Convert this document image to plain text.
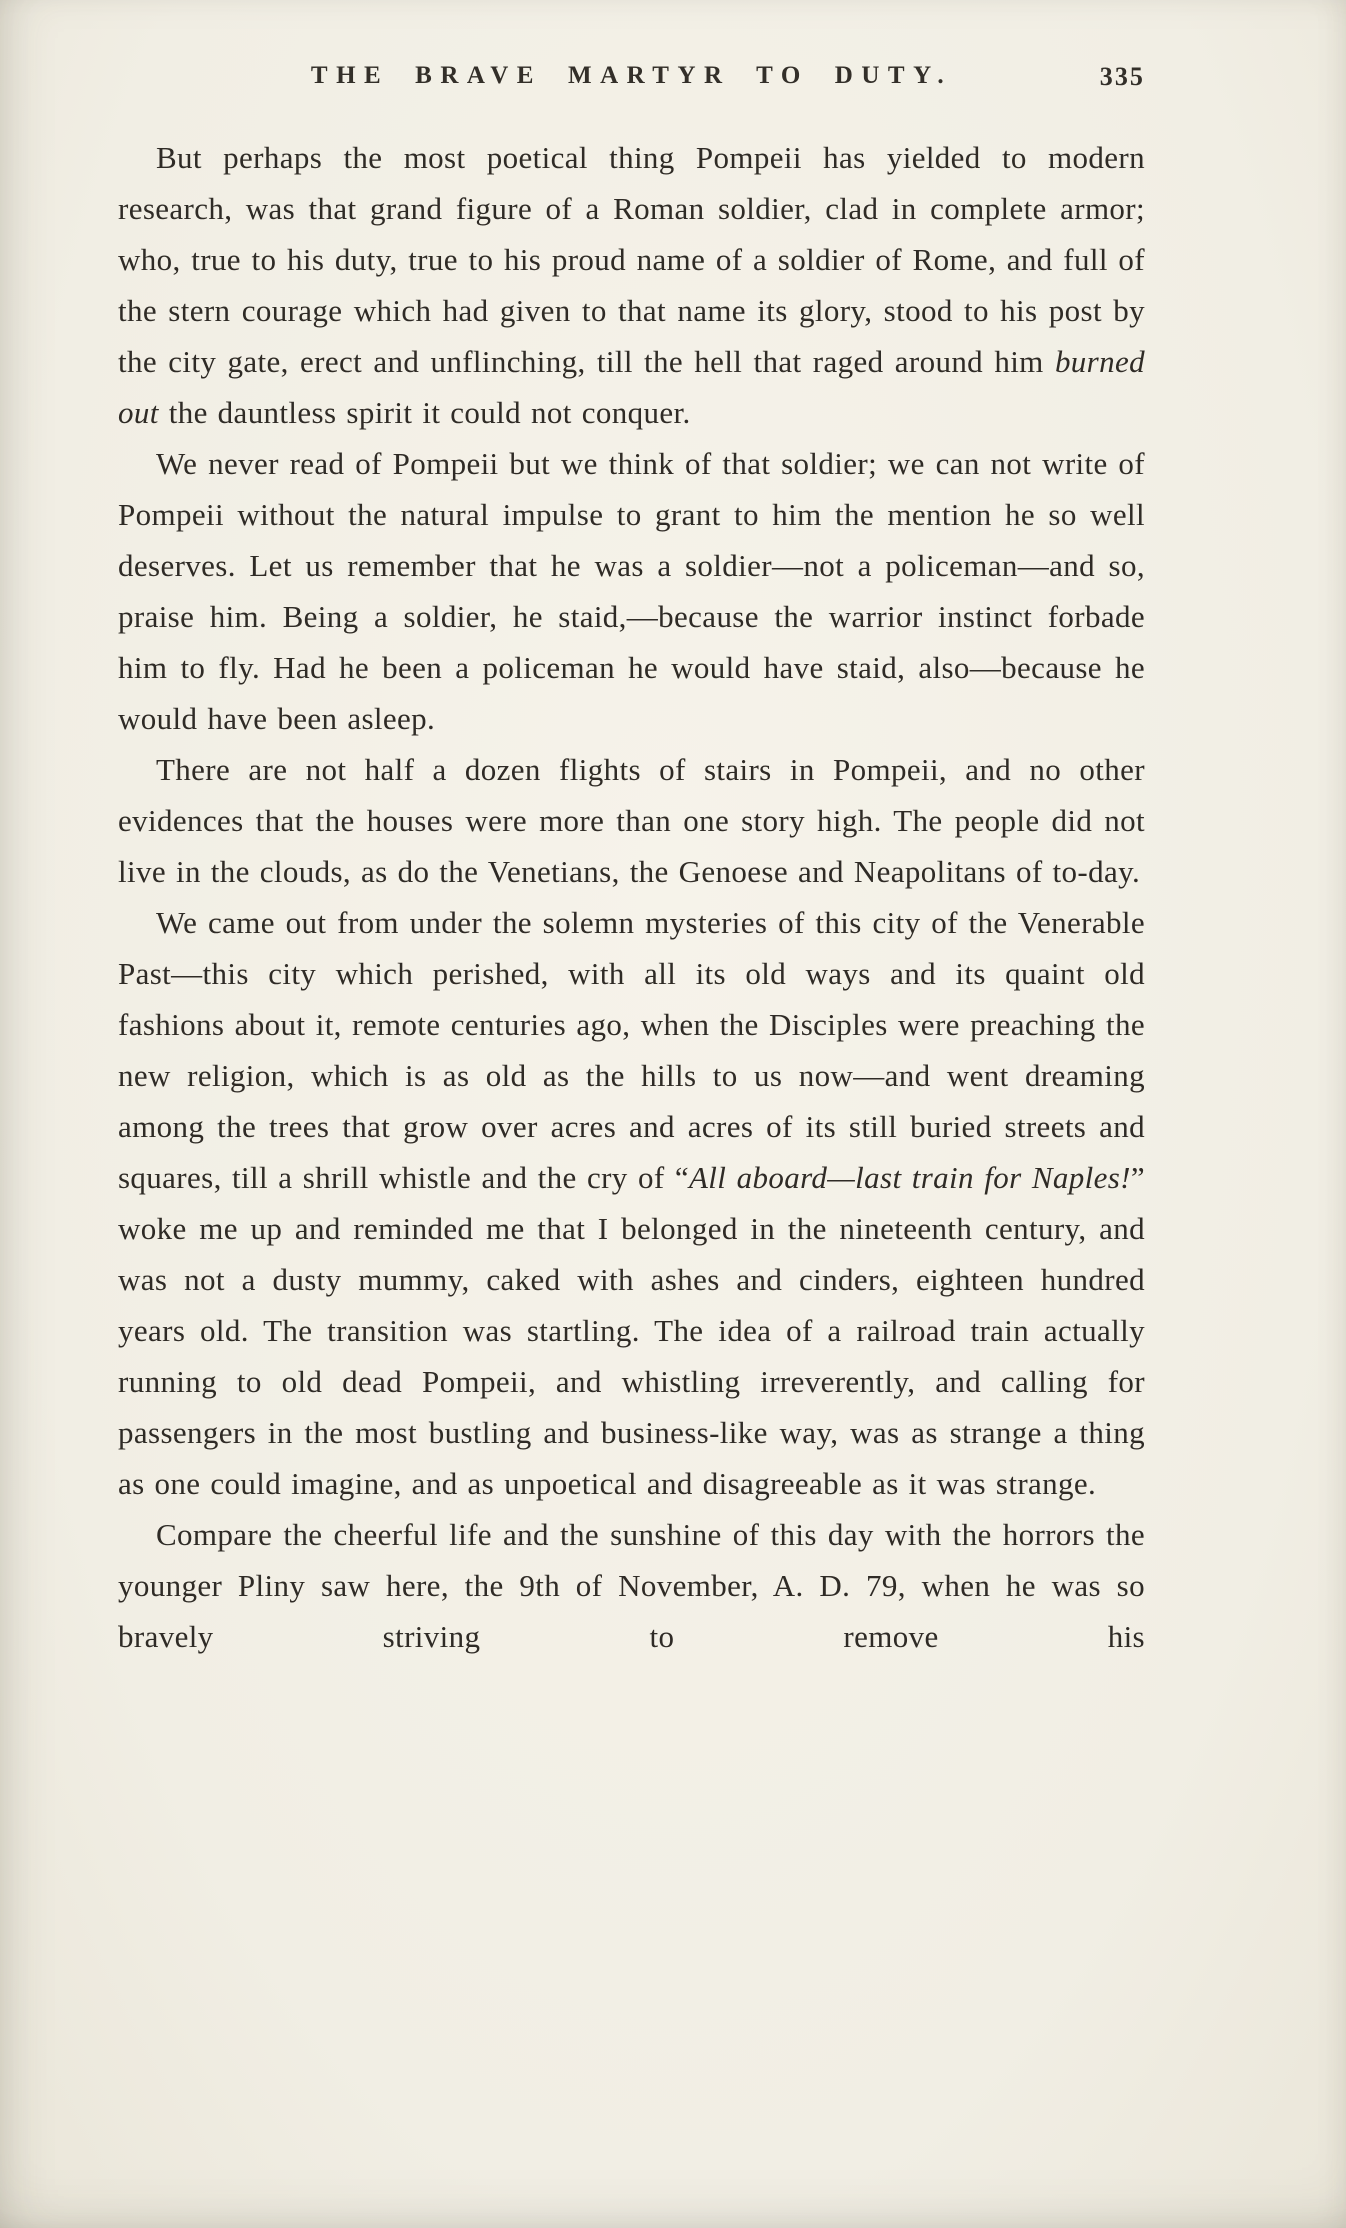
THE BRAVE MARTYR TO DUTY.	335

But perhaps the most poetical thing Pompeii has yielded to modern research, was that grand figure of a Roman soldier, clad in complete armor; who, true to his duty, true to his proud name of a soldier of Rome, and full of the stern courage which had given to that name its glory, stood to his post by the city gate, erect and unflinching, till the hell that raged around him burned out the dauntless spirit it could not conquer.

We never read of Pompeii but we think of that soldier; we can not write of Pompeii without the natural impulse to grant to him the mention he so well deserves. Let us remember that he was a soldier—not a policeman—and so, praise him. Being a soldier, he staid,—because the warrior instinct forbade him to fly. Had he been a policeman he would have staid, also—because he would have been asleep.

There are not half a dozen flights of stairs in Pompeii, and no other evidences that the houses were more than one story high. The people did not live in the clouds, as do the Venetians, the Genoese and Neapolitans of to-day.

We came out from under the solemn mysteries of this city of the Venerable Past—this city which perished, with all its old ways and its quaint old fashions about it, remote centuries ago, when the Disciples were preaching the new religion, which is as old as the hills to us now—and went dreaming among the trees that grow over acres and acres of its still buried streets and squares, till a shrill whistle and the cry of “All aboard—last train for Naples!” woke me up and reminded me that I belonged in the nineteenth century, and was not a dusty mummy, caked with ashes and cinders, eighteen hundred years old. The transition was startling. The idea of a railroad train actually running to old dead Pompeii, and whistling irreverently, and calling for passengers in the most bustling and business-like way, was as strange a thing as one could imagine, and as unpoetical and disagreeable as it was strange.

Compare the cheerful life and the sunshine of this day with the horrors the younger Pliny saw here, the 9th of November, A. D. 79, when he was so bravely striving to remove his
